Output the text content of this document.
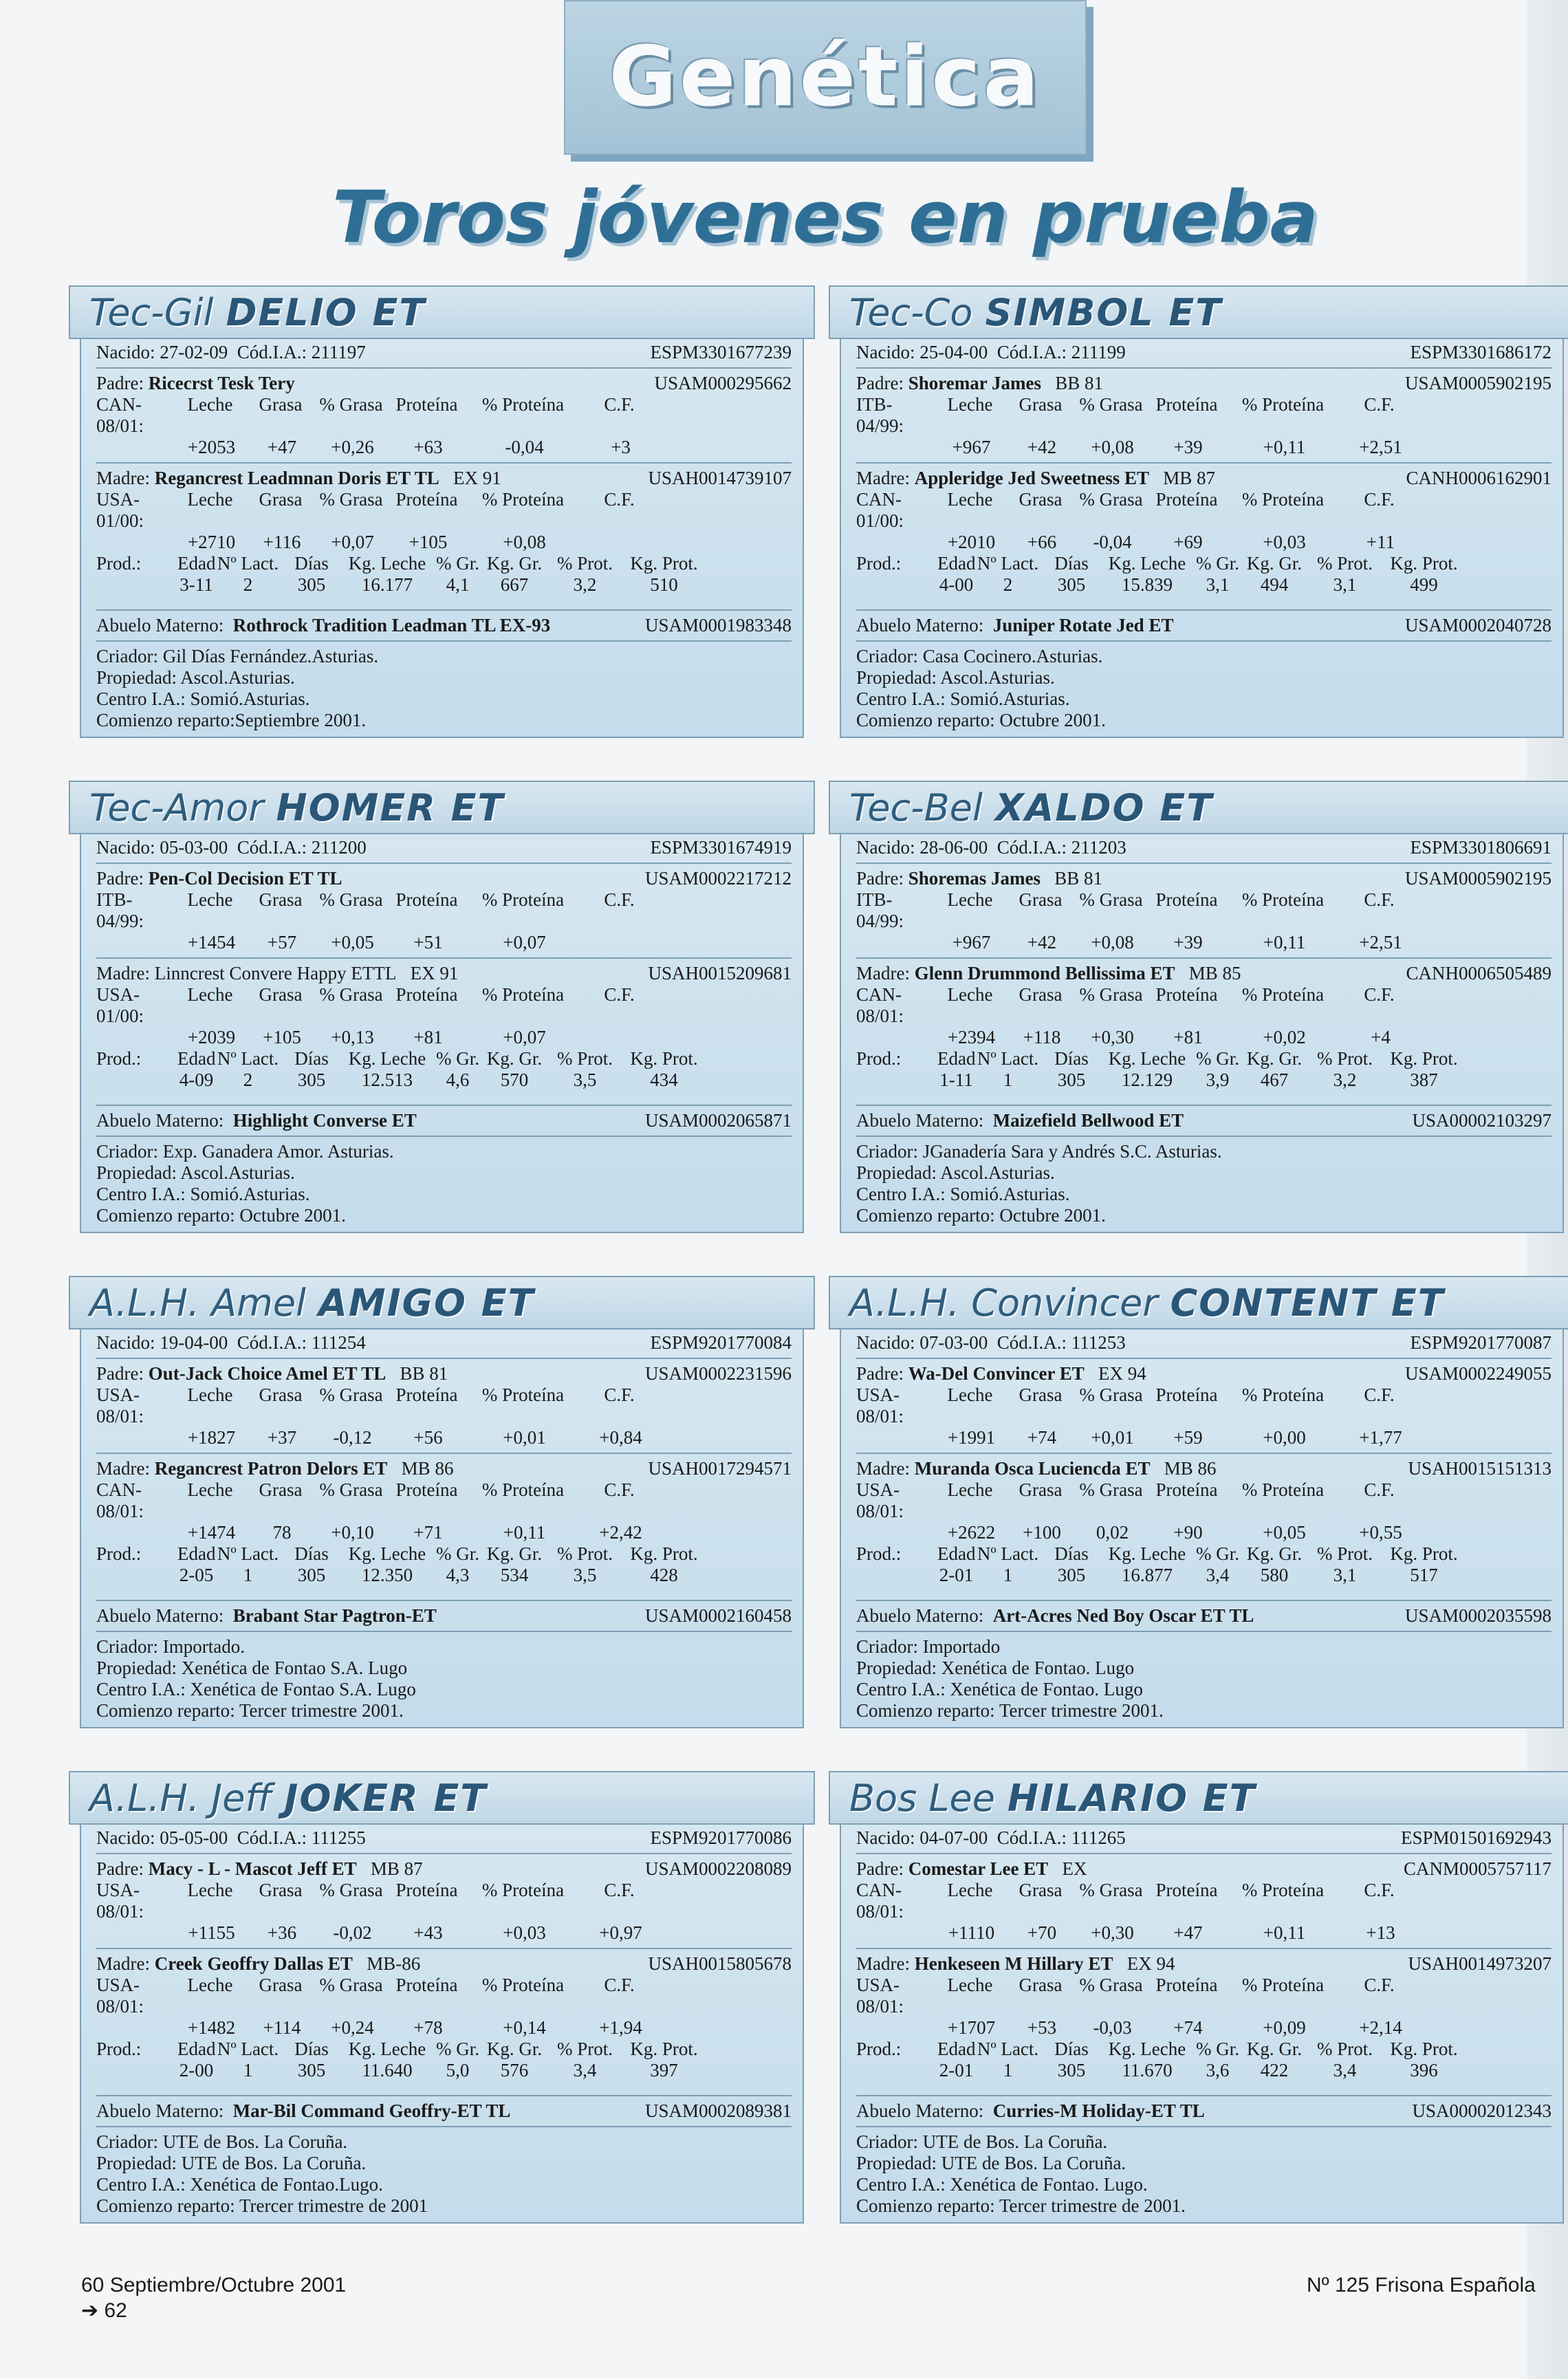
Genética
Toros jóvenes en prueba
Tec-Gil DELIO ET
Nacido: 27-02-09 Cód.I.A.: 211197	ESPM3301677239
Padre: Ricecrst Tesk Tery	USAM000295662
CAN-08/01:
Leche	Grasa % Grasa Proteína	% Proteína	C.F.
+2053	+47	+0,26	+63	-0,04	+3
Madre: Regancrest Leadmnan Doris ET TL EX 91	USAH0014739107
USA-01/00:
Leche	Grasa % Grasa Proteína	% Proteína	C.F.
+2710	+116	+0,07	+105	+0,08
Prod.:	Edad Nº Lact. Días	Kg. Leche % Gr. Kg. Gr. % Prot. Kg. Prot.
3-11	2	305	16.177	4,1	667	3,2	510
Abuelo Materno: Rothrock Tradition Leadman TL EX-93	USAM0001983348
Criador: Gil Días Fernández.Asturias.
Propiedad: Ascol.Asturias.
Centro I.A.: Somió.Asturias.
Comienzo reparto:Septiembre 2001.
Tec-Co SIMBOL ET
Nacido: 25-04-00 Cód.I.A.: 211199	ESPM3301686172
Padre: Shoremar James BB 81	USAM0005902195
ITB-04/99:
Leche	Grasa % Grasa Proteína	% Proteína	C.F.
+967	+42	+0,08	+39	+0,11	+2,51
Madre: Appleridge Jed Sweetness ET MB 87	CANH0006162901
CAN-01/00:
Leche	Grasa % Grasa Proteína	% Proteína	C.F.
+2010	+66	-0,04	+69	+0,03	+11
Prod.:	Edad Nº Lact. Días	Kg. Leche % Gr. Kg. Gr. % Prot. Kg. Prot.
4-00	2	305	15.839	3,1	494	3,1	499
Abuelo Materno: Juniper Rotate Jed ET	USAM0002040728
Criador: Casa Cocinero.Asturias.
Propiedad: Ascol.Asturias.
Centro I.A.: Somió.Asturias.
Comienzo reparto: Octubre 2001.
Tec-Amor HOMER ET
Nacido: 05-03-00 Cód.I.A.: 211200	ESPM3301674919
Padre: Pen-Col Decision ET TL	USAM0002217212
ITB-04/99:
Leche	Grasa % Grasa Proteína	% Proteína	C.F.
+1454	+57	+0,05	+51	+0,07
Madre: Linncrest Convere Happy ETTL EX 91	USAH0015209681
USA-01/00:
Leche	Grasa % Grasa Proteína	% Proteína	C.F.
+2039	+105	+0,13	+81	+0,07
Prod.:	Edad Nº Lact. Días	Kg. Leche % Gr. Kg. Gr. % Prot. Kg. Prot.
4-09	2	305	12.513	4,6	570	3,5	434
Abuelo Materno: Highlight Converse ET	USAM0002065871
Criador: Exp. Ganadera Amor. Asturias.
Propiedad: Ascol.Asturias.
Centro I.A.: Somió.Asturias.
Comienzo reparto: Octubre 2001.
Tec-Bel XALDO ET
Nacido: 28-06-00 Cód.I.A.: 211203	ESPM3301806691
Padre: Shoremas James BB 81	USAM0005902195
ITB-04/99:
Leche	Grasa % Grasa Proteína	% Proteína	C.F.
+967	+42	+0,08	+39	+0,11	+2,51
Madre: Glenn Drummond Bellissima ET MB 85	CANH0006505489
CAN-08/01:
Leche	Grasa % Grasa Proteína	% Proteína	C.F.
+2394	+118	+0,30	+81	+0,02	+4
Prod.:	Edad Nº Lact. Días	Kg. Leche % Gr. Kg. Gr. % Prot. Kg. Prot.
1-11	1	305	12.129	3,9	467	3,2	387
Abuelo Materno: Maizefield Bellwood ET	USA00002103297
Criador: JGanadería Sara y Andrés S.C. Asturias.
Propiedad: Ascol.Asturias.
Centro I.A.: Somió.Asturias.
Comienzo reparto: Octubre 2001.
A.L.H. Amel AMIGO ET
Nacido: 19-04-00 Cód.I.A.: 111254	ESPM9201770084
Padre: Out-Jack Choice Amel ET TL BB 81	USAM0002231596
USA-08/01:
Leche	Grasa % Grasa Proteína	% Proteína	C.F.
+1827	+37	-0,12	+56	+0,01	+0,84
Madre: Regancrest Patron Delors ET MB 86	USAH0017294571
CAN-08/01:
Leche	Grasa % Grasa Proteína	% Proteína	C.F.
+1474	78	+0,10	+71	+0,11	+2,42
Prod.:	Edad Nº Lact. Días	Kg. Leche % Gr. Kg. Gr. % Prot. Kg. Prot.
2-05	1	305	12.350	4,3	534	3,5	428
Abuelo Materno: Brabant Star Pagtron-ET	USAM0002160458
Criador: Importado.
Propiedad: Xenética de Fontao S.A. Lugo
Centro I.A.: Xenética de Fontao S.A. Lugo
Comienzo reparto: Tercer trimestre 2001.
A.L.H. Convincer CONTENT ET
Nacido: 07-03-00 Cód.I.A.: 111253	ESPM9201770087
Padre: Wa-Del Convincer ET EX 94	USAM0002249055
USA-08/01:
Leche	Grasa % Grasa Proteína	% Proteína	C.F.
+1991	+74	+0,01	+59	+0,00	+1,77
Madre: Muranda Osca Luciencda ET MB 86	USAH0015151313
USA-08/01:
Leche	Grasa % Grasa Proteína	% Proteína	C.F.
+2622	+100	0,02	+90	+0,05	+0,55
Prod.:	Edad Nº Lact. Días	Kg. Leche % Gr. Kg. Gr. % Prot. Kg. Prot.
2-01	1	305	16.877	3,4	580	3,1	517
Abuelo Materno: Art-Acres Ned Boy Oscar ET TL	USAM0002035598
Criador: Importado
Propiedad: Xenética de Fontao. Lugo
Centro I.A.: Xenética de Fontao. Lugo
Comienzo reparto: Tercer trimestre 2001.
A.L.H. Jeff JOKER ET
Nacido: 05-05-00 Cód.I.A.: 111255	ESPM9201770086
Padre: Macy - L - Mascot Jeff ET MB 87	USAM0002208089
USA-08/01:
Leche	Grasa % Grasa Proteína	% Proteína	C.F.
+1155	+36	-0,02	+43	+0,03	+0,97
Madre: Creek Geoffry Dallas ET MB-86	USAH0015805678
USA-08/01:
Leche	Grasa % Grasa Proteína	% Proteína	C.F.
+1482	+114	+0,24	+78	+0,14	+1,94
Prod.:	Edad Nº Lact. Días	Kg. Leche % Gr. Kg. Gr. % Prot. Kg. Prot.
2-00	1	305	11.640	5,0	576	3,4	397
Abuelo Materno: Mar-Bil Command Geoffry-ET TL	USAM0002089381
Criador: UTE de Bos. La Coruña.
Propiedad: UTE de Bos. La Coruña.
Centro I.A.: Xenética de Fontao.Lugo.
Comienzo reparto: Trercer trimestre de 2001
Bos Lee HILARIO ET
Nacido: 04-07-00 Cód.I.A.: 111265	ESPM01501692943
Padre: Comestar Lee ET EX	CANM0005757117
CAN-08/01:
Leche	Grasa % Grasa Proteína	% Proteína	C.F.
+1110	+70	+0,30	+47	+0,11	+13
Madre: Henkeseen M Hillary ET EX 94	USAH0014973207
USA-08/01:
Leche	Grasa % Grasa Proteína	% Proteína	C.F.
+1707	+53	-0,03	+74	+0,09	+2,14
Prod.:	Edad Nº Lact. Días	Kg. Leche % Gr. Kg. Gr. % Prot. Kg. Prot.
2-01	1	305	11.670	3,6	422	3,4	396
Abuelo Materno: Curries-M Holiday-ET TL	USA00002012343
Criador: UTE de Bos. La Coruña.
Propiedad: UTE de Bos. La Coruña.
Centro I.A.: Xenética de Fontao. Lugo.
Comienzo reparto: Tercer trimestre de 2001.
60 Septiembre/Octubre 2001
➔ 62
Nº 125 Frisona Española
